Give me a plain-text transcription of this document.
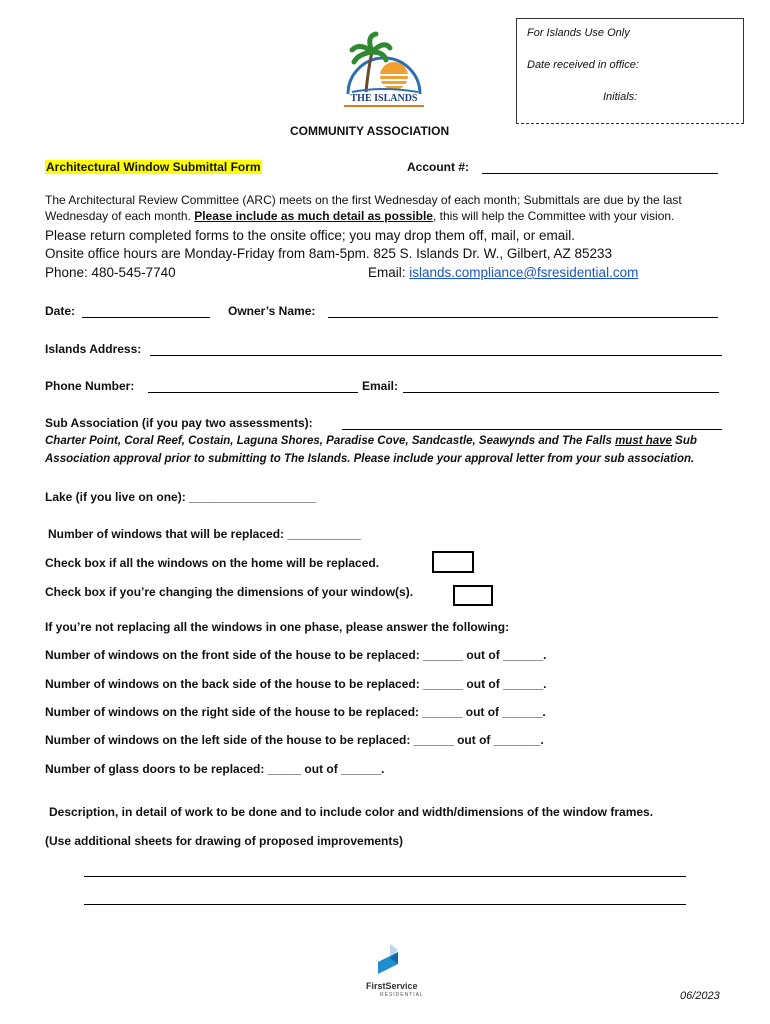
For Islands Use Only
Date received in office:
Initials:
THE ISLANDS
COMMUNITY ASSOCIATION
Architectural Window Submittal Form	Account #:
The Architectural Review Committee (ARC) meets on the first Wednesday of each month; Submittals are due by the last
Wednesday of each month. Please include as much detail as possible, this will help the Committee with your vision.
Please return completed forms to the onsite office; you may drop them off, mail, or email.
Onsite office hours are Monday-Friday from 8am-5pm. 825 S. Islands Dr. W., Gilbert, AZ 85233
Phone: 480-545-7740	Email: islands.compliance@fsresidential.com
Date:	Owner’s Name:
Islands Address:
Phone Number:	Email:
Sub Association (if you pay two assessments):
Charter Point, Coral Reef, Costain, Laguna Shores, Paradise Cove, Sandcastle, Seawynds and The Falls must have Sub
Association approval prior to submitting to The Islands. Please include your approval letter from your sub association.
Lake (if you live on one): ___________________
Number of windows that will be replaced: ___________
Check box if all the windows on the home will be replaced.
Check box if you’re changing the dimensions of your window(s).
If you’re not replacing all the windows in one phase, please answer the following:
Number of windows on the front side of the house to be replaced: ______ out of ______.
Number of windows on the back side of the house to be replaced: ______ out of ______.
Number of windows on the right side of the house to be replaced: ______ out of ______.
Number of windows on the left side of the house to be replaced: ______ out of _______.
Number of glass doors to be replaced: _____ out of ______.
Description, in detail of work to be done and to include color and width/dimensions of the window frames.
(Use additional sheets for drawing of proposed improvements)
FirstService
RESIDENTIAL	06/2023
